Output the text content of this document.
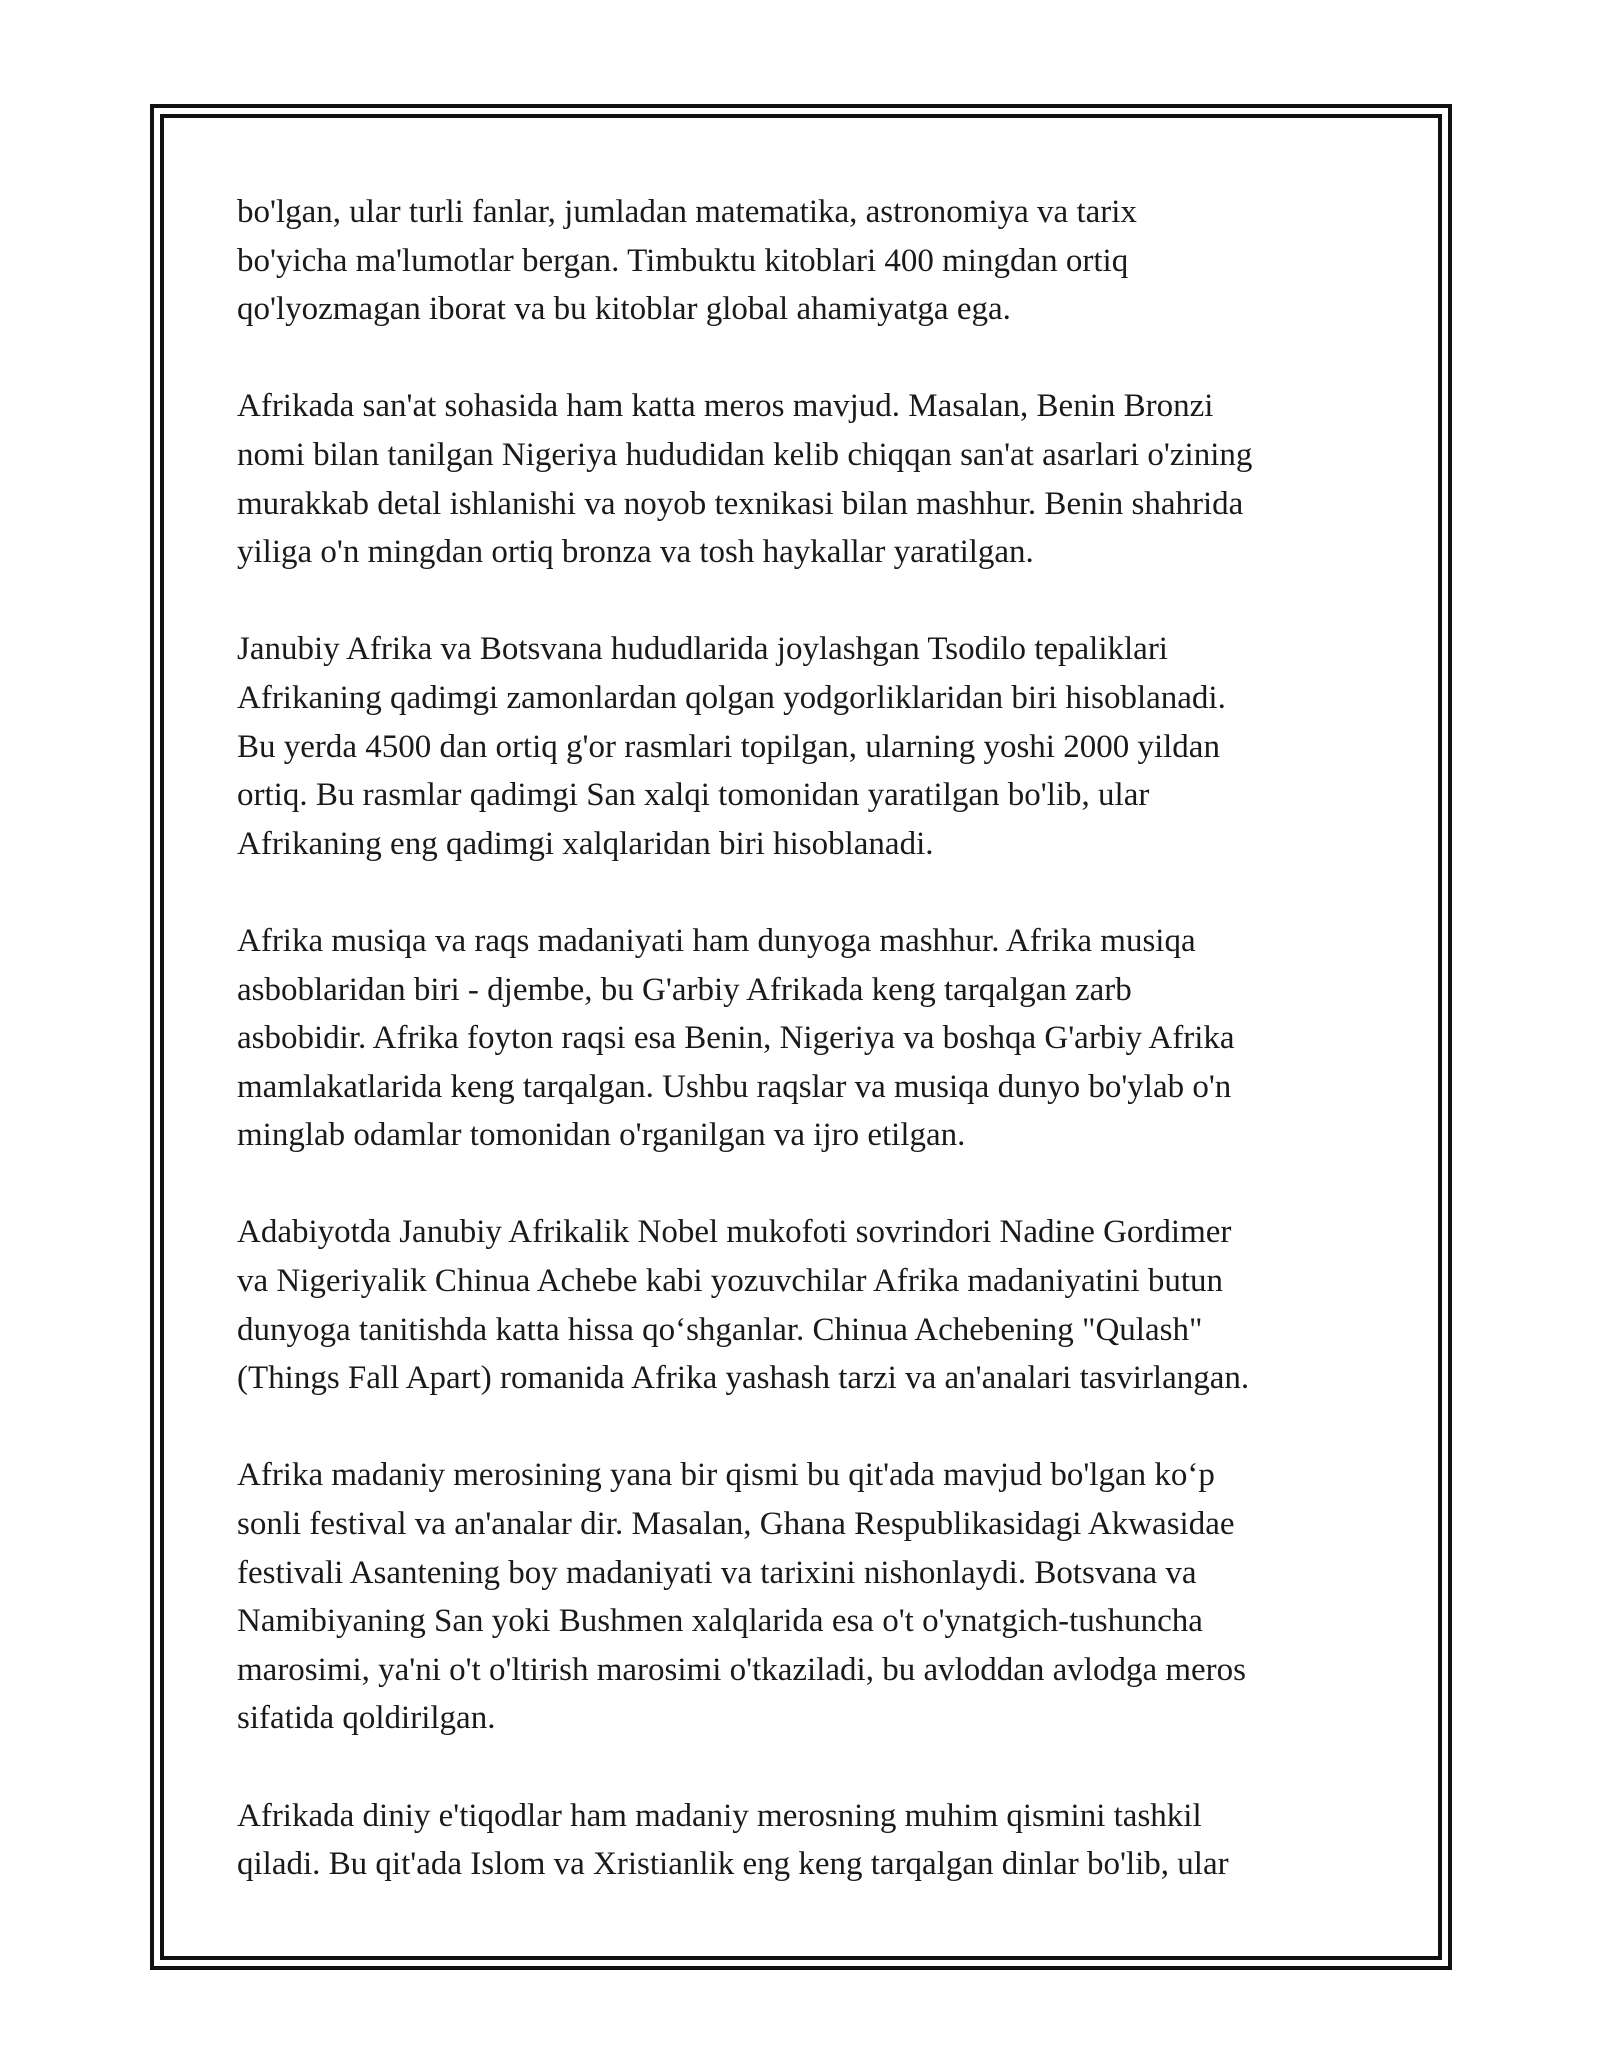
bo'lgan, ular turli fanlar, jumladan matematika, astronomiya va tarix
bo'yicha ma'lumotlar bergan. Timbuktu kitoblari 400 mingdan ortiq
qo'lyozmagan iborat va bu kitoblar global ahamiyatga ega.

Afrikada san'at sohasida ham katta meros mavjud. Masalan, Benin Bronzi
nomi bilan tanilgan Nigeriya hududidan kelib chiqqan san'at asarlari o'zining
murakkab detal ishlanishi va noyob texnikasi bilan mashhur. Benin shahrida
yiliga o'n mingdan ortiq bronza va tosh haykallar yaratilgan.

Janubiy Afrika va Botsvana hududlarida joylashgan Tsodilo tepaliklari
Afrikaning qadimgi zamonlardan qolgan yodgorliklaridan biri hisoblanadi.
Bu yerda 4500 dan ortiq g'or rasmlari topilgan, ularning yoshi 2000 yildan
ortiq. Bu rasmlar qadimgi San xalqi tomonidan yaratilgan bo'lib, ular
Afrikaning eng qadimgi xalqlaridan biri hisoblanadi.

Afrika musiqa va raqs madaniyati ham dunyoga mashhur. Afrika musiqa
asboblaridan biri - djembe, bu G'arbiy Afrikada keng tarqalgan zarb
asbobidir. Afrika foyton raqsi esa Benin, Nigeriya va boshqa G'arbiy Afrika
mamlakatlarida keng tarqalgan. Ushbu raqslar va musiqa dunyo bo'ylab o'n
minglab odamlar tomonidan o'rganilgan va ijro etilgan.

Adabiyotda Janubiy Afrikalik Nobel mukofoti sovrindori Nadine Gordimer
va Nigeriyalik Chinua Achebe kabi yozuvchilar Afrika madaniyatini butun
dunyoga tanitishda katta hissa qo‘shganlar. Chinua Achebening "Qulash"
(Things Fall Apart) romanida Afrika yashash tarzi va an'analari tasvirlangan.

Afrika madaniy merosining yana bir qismi bu qit'ada mavjud bo'lgan ko‘p
sonli festival va an'analar dir. Masalan, Ghana Respublikasidagi Akwasidae
festivali Asantening boy madaniyati va tarixini nishonlaydi. Botsvana va
Namibiyaning San yoki Bushmen xalqlarida esa o't o'ynatgich-tushuncha
marosimi, ya'ni o't o'ltirish marosimi o'tkaziladi, bu avloddan avlodga meros
sifatida qoldirilgan.

Afrikada diniy e'tiqodlar ham madaniy merosning muhim qismini tashkil
qiladi. Bu qit'ada Islom va Xristianlik eng keng tarqalgan dinlar bo'lib, ular
